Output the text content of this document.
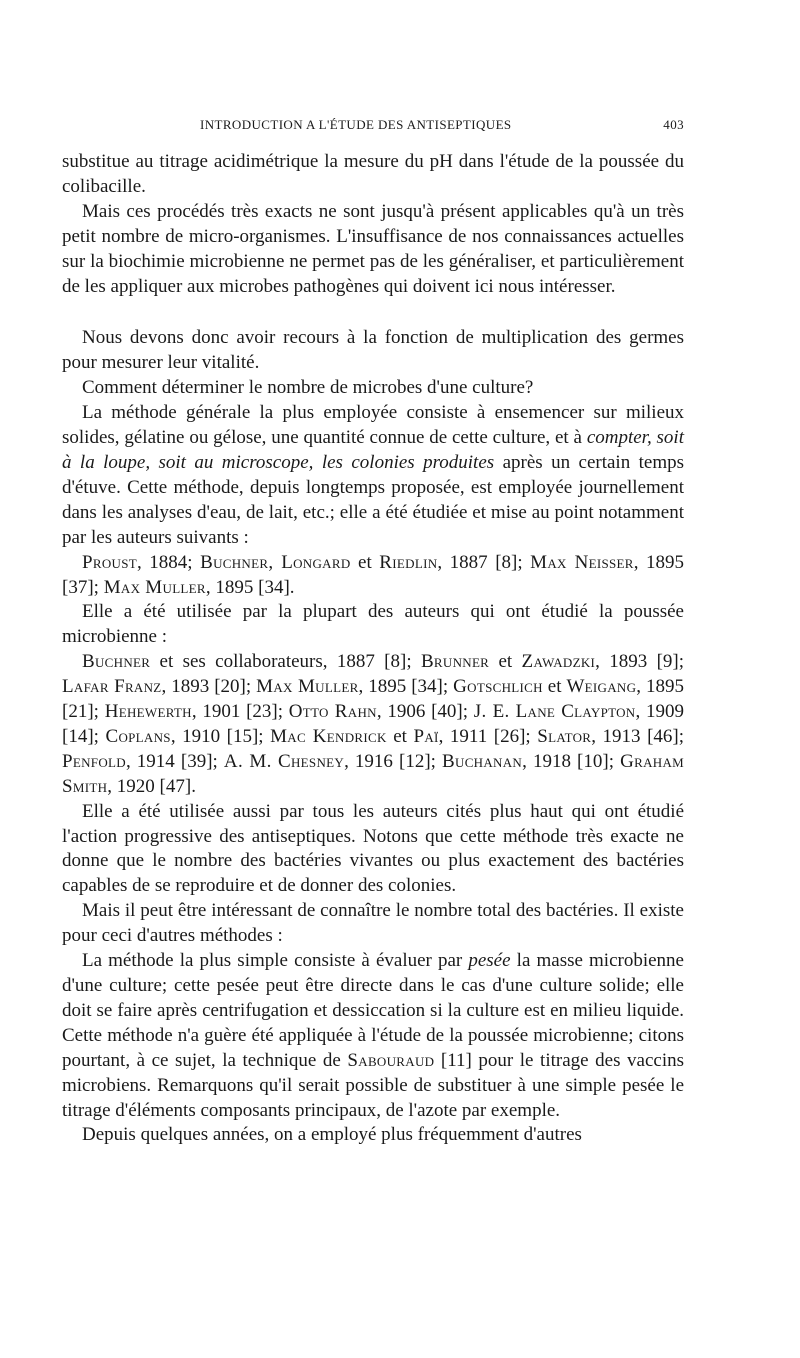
INTRODUCTION A L'ÉTUDE DES ANTISEPTIQUES	403

substitue au titrage acidimétrique la mesure du pH dans l'étude de la poussée du colibacille.

Mais ces procédés très exacts ne sont jusqu'à présent applicables qu'à un très petit nombre de micro-organismes. L'insuffisance de nos connaissances actuelles sur la biochimie microbienne ne permet pas de les généraliser, et particulièrement de les appliquer aux microbes pathogènes qui doivent ici nous intéresser.

Nous devons donc avoir recours à la fonction de multiplication des germes pour mesurer leur vitalité.

Comment déterminer le nombre de microbes d'une culture?

La méthode générale la plus employée consiste à ensemencer sur milieux solides, gélatine ou gélose, une quantité connue de cette culture, et à compter, soit à la loupe, soit au microscope, les colonies produites après un certain temps d'étuve. Cette méthode, depuis longtemps proposée, est employée journellement dans les analyses d'eau, de lait, etc.; elle a été étudiée et mise au point notamment par les auteurs suivants :

Proust, 1884; Buchner, Longard et Riedlin, 1887 [8]; Max Neisser, 1895 [37]; Max Muller, 1895 [34].

Elle a été utilisée par la plupart des auteurs qui ont étudié la poussée microbienne :

Buchner et ses collaborateurs, 1887 [8]; Brunner et Zawadzki, 1893 [9]; Lafar Franz, 1893 [20]; Max Muller, 1895 [34]; Gotschlich et Weigang, 1895 [21]; Hehewerth, 1901 [23]; Otto Rahn, 1906 [40]; J. E. Lane Claypton, 1909 [14]; Coplans, 1910 [15]; Mac Kendrick et Paï, 1911 [26]; Slator, 1913 [46]; Penfold, 1914 [39]; A. M. Chesney, 1916 [12]; Buchanan, 1918 [10]; Graham Smith, 1920 [47].

Elle a été utilisée aussi par tous les auteurs cités plus haut qui ont étudié l'action progressive des antiseptiques. Notons que cette méthode très exacte ne donne que le nombre des bactéries vivantes ou plus exactement des bactéries capables de se reproduire et de donner des colonies.

Mais il peut être intéressant de connaître le nombre total des bactéries. Il existe pour ceci d'autres méthodes :

La méthode la plus simple consiste à évaluer par pesée la masse microbienne d'une culture; cette pesée peut être directe dans le cas d'une culture solide; elle doit se faire après centrifugation et dessiccation si la culture est en milieu liquide. Cette méthode n'a guère été appliquée à l'étude de la poussée microbienne; citons pourtant, à ce sujet, la technique de Sabouraud [11] pour le titrage des vaccins microbiens. Remarquons qu'il serait possible de substituer à une simple pesée le titrage d'éléments composants principaux, de l'azote par exemple.

Depuis quelques années, on a employé plus fréquemment d'autres
